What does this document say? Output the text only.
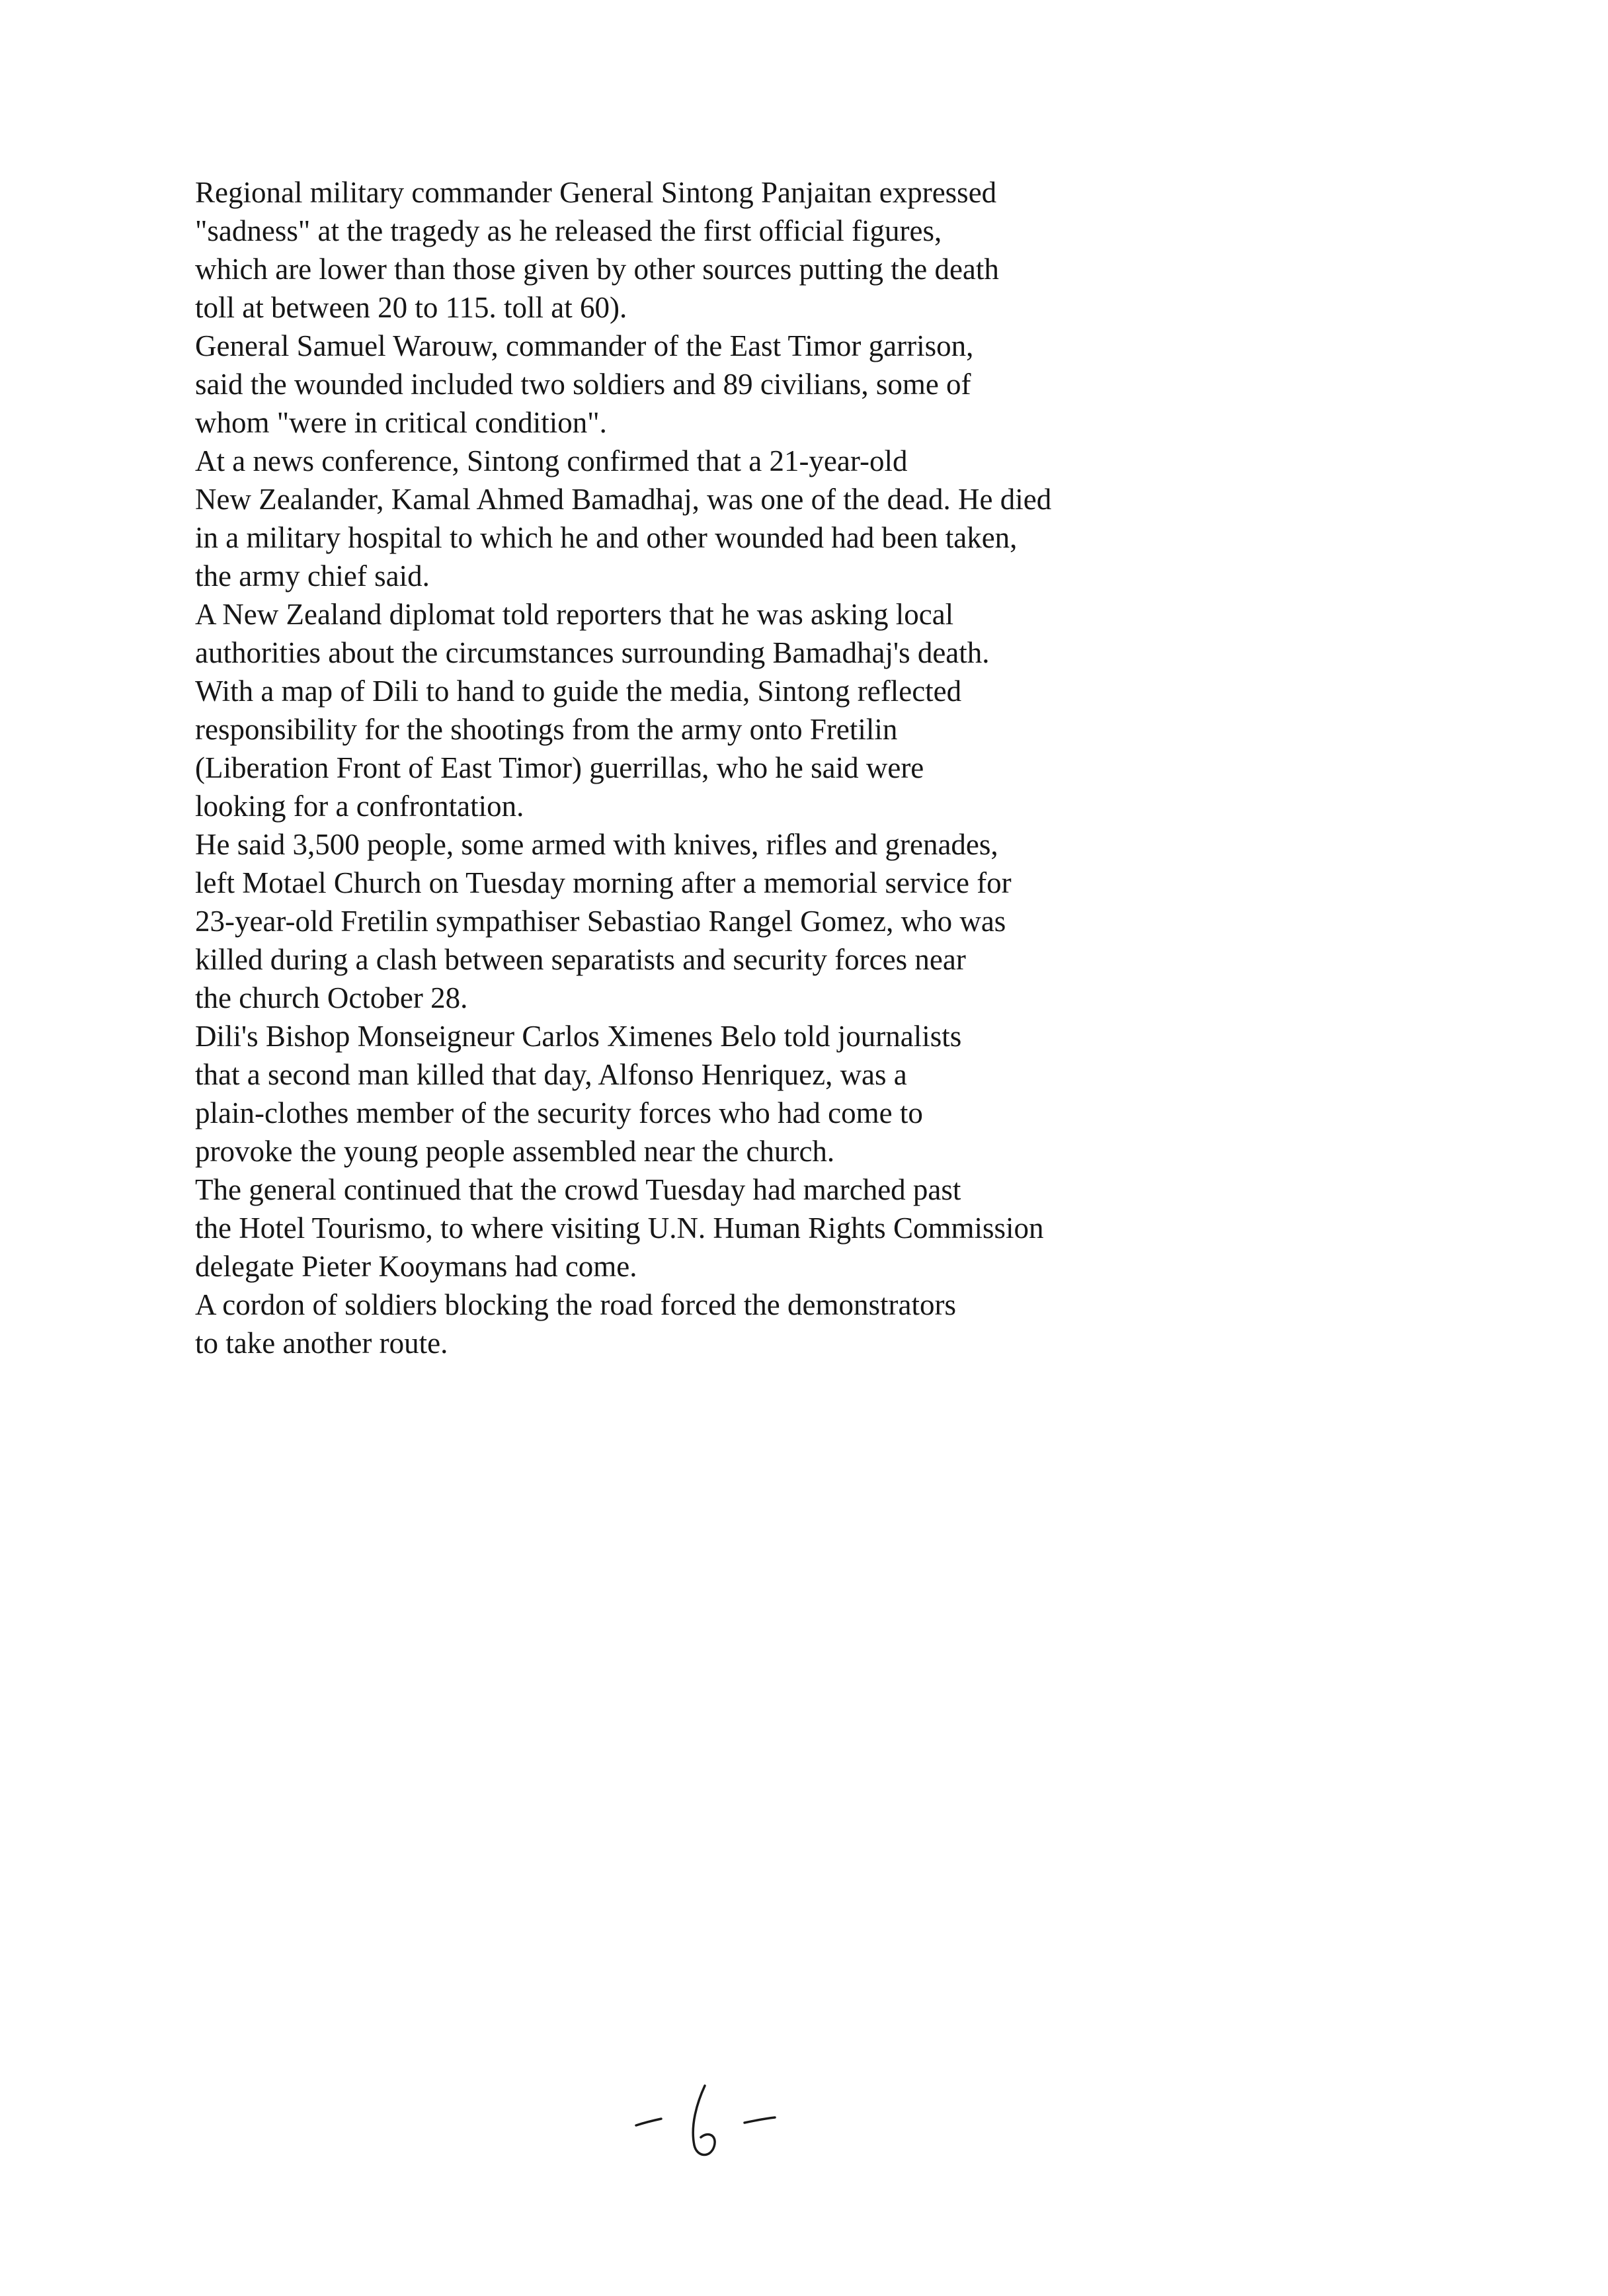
Regional military commander General Sintong Panjaitan expressed
"sadness" at the tragedy as he released the first official figures,
which are lower than those given by other sources putting the death
toll at between 20 to 115. toll at 60).

General Samuel Warouw, commander of the East Timor garrison,
said the wounded included two soldiers and 89 civilians, some of
whom "were in critical condition".

At a news conference, Sintong confirmed that a 21-year-old
New Zealander, Kamal Ahmed Bamadhaj, was one of the dead. He died
in a military hospital to which he and other wounded had been taken,
the army chief said.

A New Zealand diplomat told reporters that he was asking local
authorities about the circumstances surrounding Bamadhaj's death.

With a map of Dili to hand to guide the media, Sintong reflected
responsibility for the shootings from the army onto Fretilin
(Liberation Front of East Timor) guerrillas, who he said were
looking for a confrontation.

He said 3,500 people, some armed with knives, rifles and grenades,
left Motael Church on Tuesday morning after a memorial service for
23-year-old Fretilin sympathiser Sebastiao Rangel Gomez, who was
killed during a clash between separatists and security forces near
the church October 28.

Dili's Bishop Monseigneur Carlos Ximenes Belo told journalists
that a second man killed that day, Alfonso Henriquez, was a
plain-clothes member of the security forces who had come to
provoke the young people assembled near the church.

The general continued that the crowd Tuesday had marched past
the Hotel Tourismo, to where visiting U.N. Human Rights Commission
delegate Pieter Kooymans had come.

A cordon of soldiers blocking the road forced the demonstrators
to take another route.
